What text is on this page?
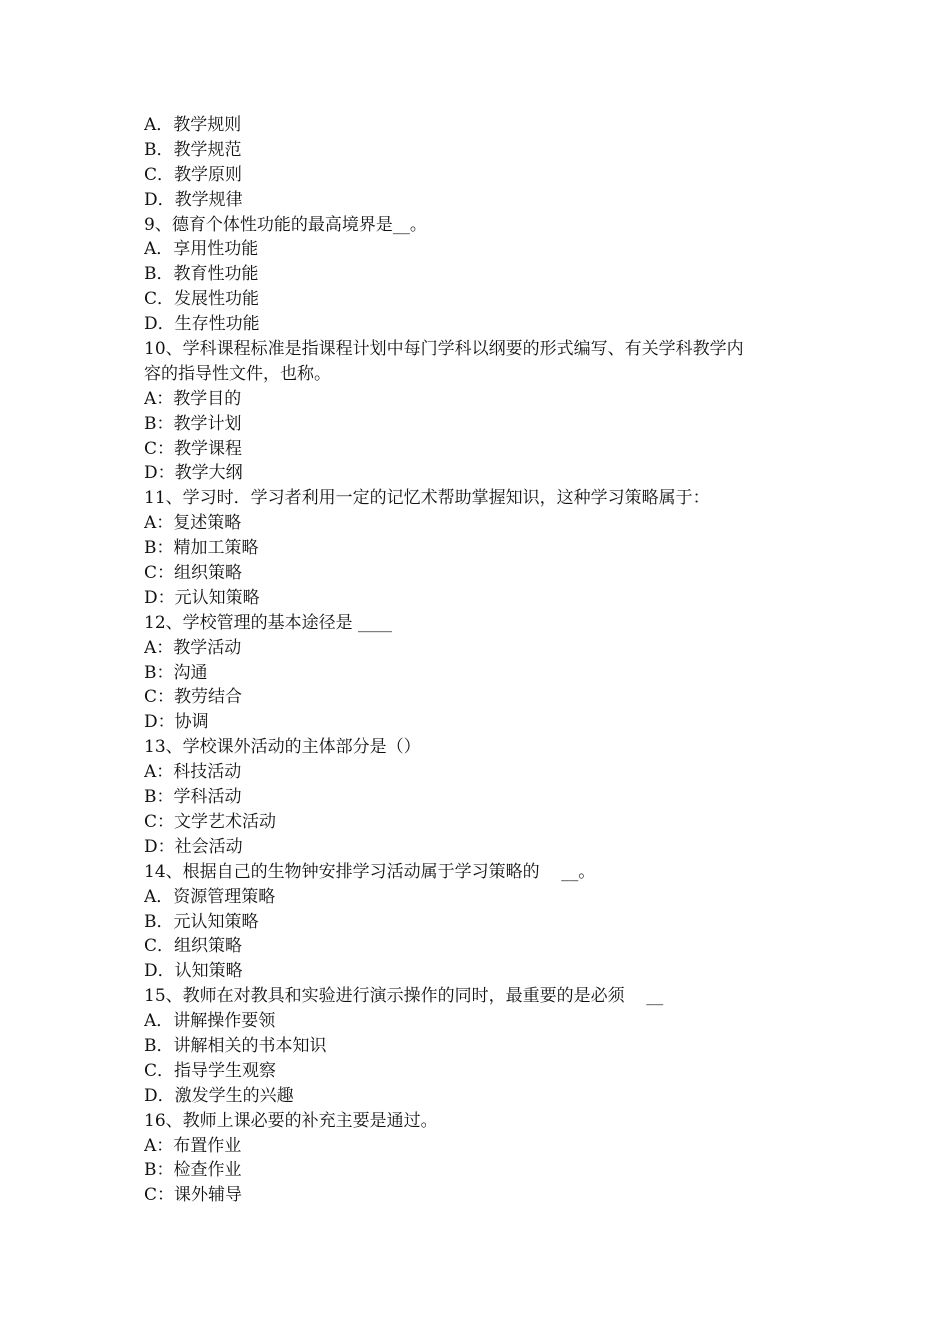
A．教学规则
B．教学规范
C．教学原则
D．教学规律
9、德育个体性功能的最高境界是__。
A．享用性功能
B．教育性功能
C．发展性功能
D．生存性功能
10、学科课程标准是指课程计划中每门学科以纲要的形式编写、有关学科教学内
容的指导性文件，也称。
A：教学目的
B：教学计划
C：教学课程
D：教学大纲
11、学习时．学习者利用一定的记忆术帮助掌握知识，这种学习策略属于：
A：复述策略
B：精加工策略
C：组织策略
D：元认知策略
12、学校管理的基本途径是 ____
A：教学活动
B：沟通
C：教劳结合
D：协调
13、学校课外活动的主体部分是（）
A：科技活动
B：学科活动
C：文学艺术活动
D：社会活动
14、根据自己的生物钟安排学习活动属于学习策略的    __。
A．资源管理策略
B．元认知策略
C．组织策略
D．认知策略
15、教师在对教具和实验进行演示操作的同时，最重要的是必须    __
A．讲解操作要领
B．讲解相关的书本知识
C．指导学生观察
D．激发学生的兴趣
16、教师上课必要的补充主要是通过。
A：布置作业
B：检查作业
C：课外辅导
